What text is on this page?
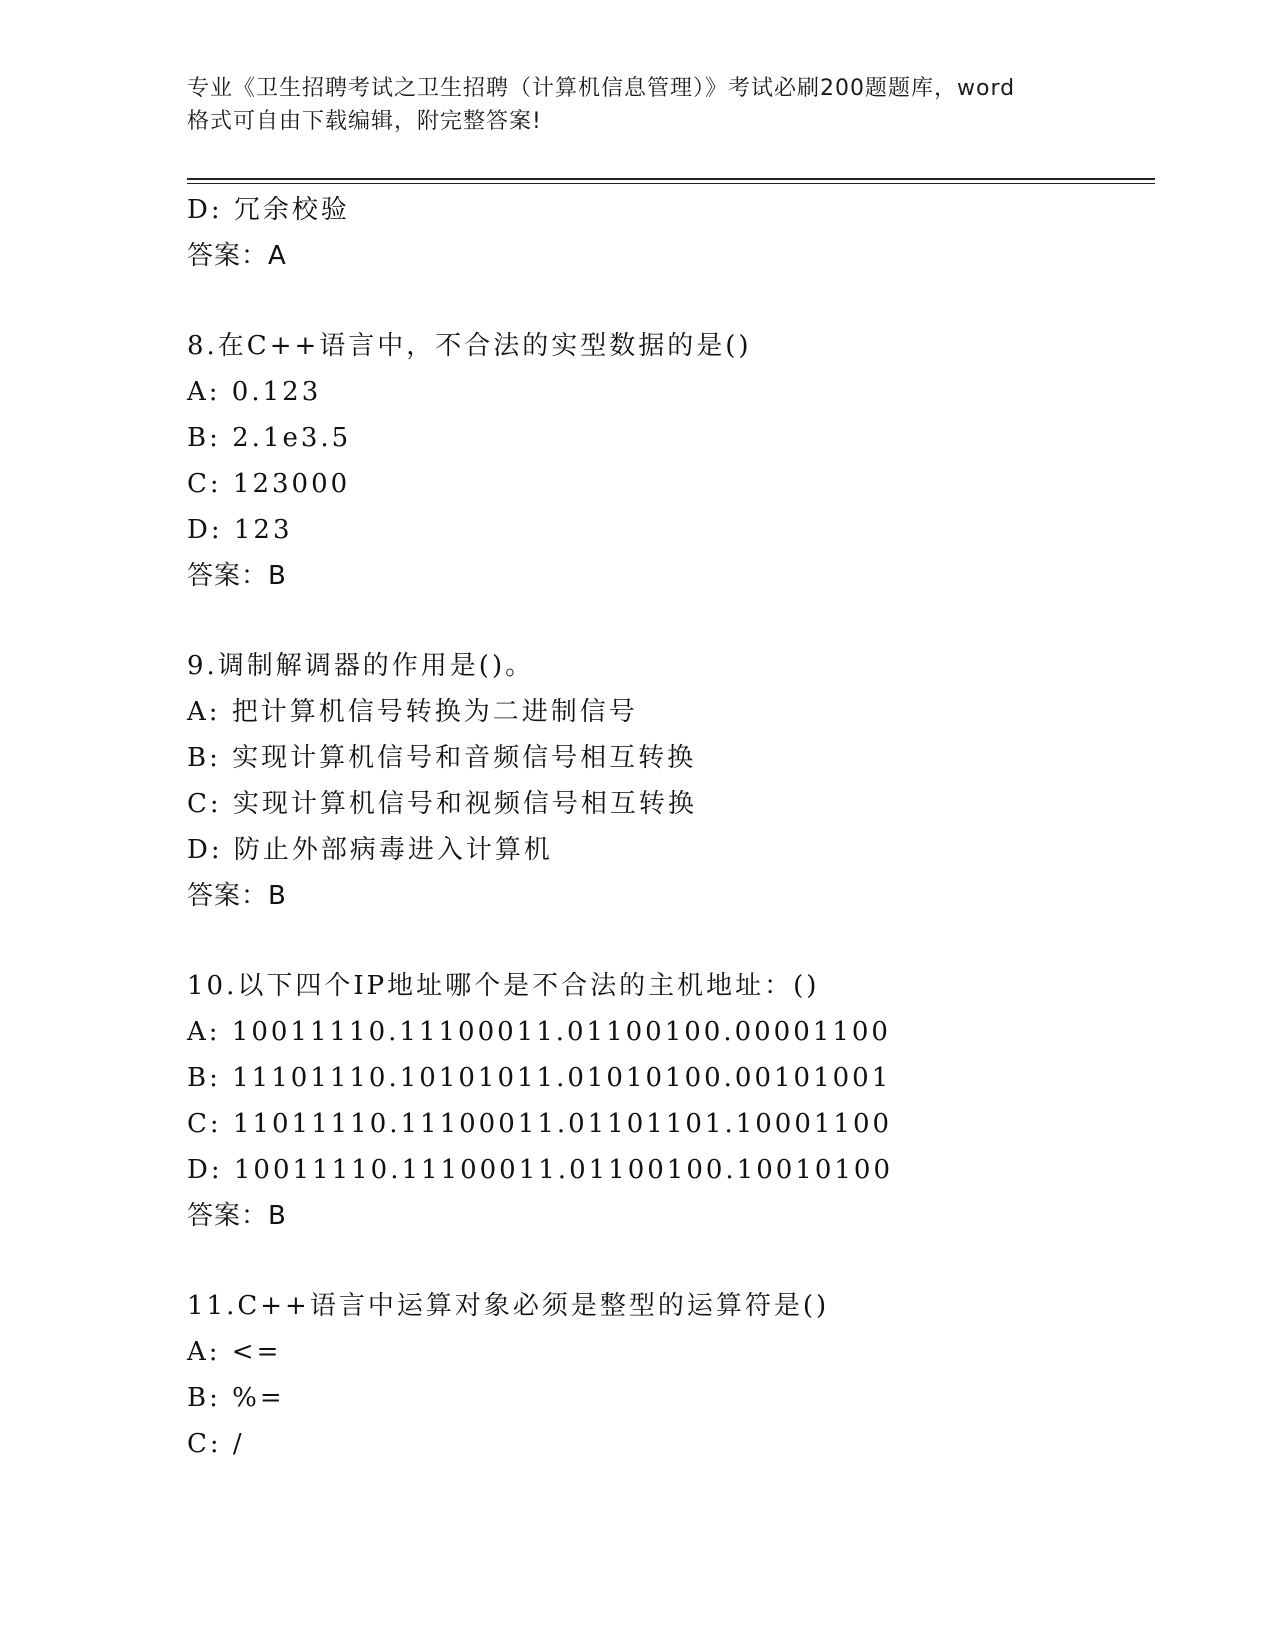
专业《卫生招聘考试之卫生招聘（计算机信息管理）》考试必刷200题题库，word
格式可自由下载编辑，附完整答案!
D: 冗余校验
答案：A
8.在C++语言中，不合法的实型数据的是()
A: 0.123
B: 2.1e3.5
C: 123000
D: 123
答案：B
9.调制解调器的作用是()。
A: 把计算机信号转换为二进制信号
B: 实现计算机信号和音频信号相互转换
C: 实现计算机信号和视频信号相互转换
D: 防止外部病毒进入计算机
答案：B
10.以下四个IP地址哪个是不合法的主机地址：()
A: 10011110.11100011.01100100.00001100
B: 11101110.10101011.01010100.00101001
C: 11011110.11100011.01101101.10001100
D: 10011110.11100011.01100100.10010100
答案：B
11.C++语言中运算对象必须是整型的运算符是()
A: <=
B: %=
C: /
